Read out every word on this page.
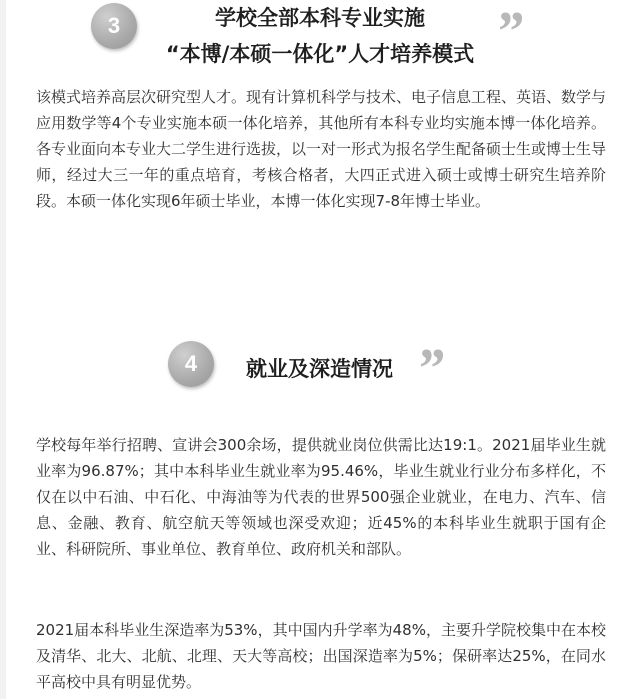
3	学校全部本科专业实施
“本博/本硕一体化”人才培养模式 ”

该模式培养高层次研究型人才。现有计算机科学与技术、电子信息工程、英语、数学与应用数学等4个专业实施本硕一体化培养，其他所有本科专业均实施本博一体化培养。各专业面向本专业大二学生进行选拔，以一对一形式为报名学生配备硕士生或博士生导师，经过大三一年的重点培育，考核合格者，大四正式进入硕士或博士研究生培养阶段。本硕一体化实现6年硕士毕业，本博一体化实现7-8年博士毕业。

4	就业及深造情况 ”

学校每年举行招聘、宣讲会300余场，提供就业岗位供需比达19:1。2021届毕业生就业率为96.87%；其中本科毕业生就业率为95.46%，毕业生就业行业分布多样化，不仅在以中石油、中石化、中海油等为代表的世界500强企业就业，在电力、汽车、信息、金融、教育、航空航天等领域也深受欢迎；近45%的本科毕业生就职于国有企业、科研院所、事业单位、教育单位、政府机关和部队。

2021届本科毕业生深造率为53%，其中国内升学率为48%，主要升学院校集中在本校及清华、北大、北航、北理、天大等高校；出国深造率为5%；保研率达25%，在同水平高校中具有明显优势。
